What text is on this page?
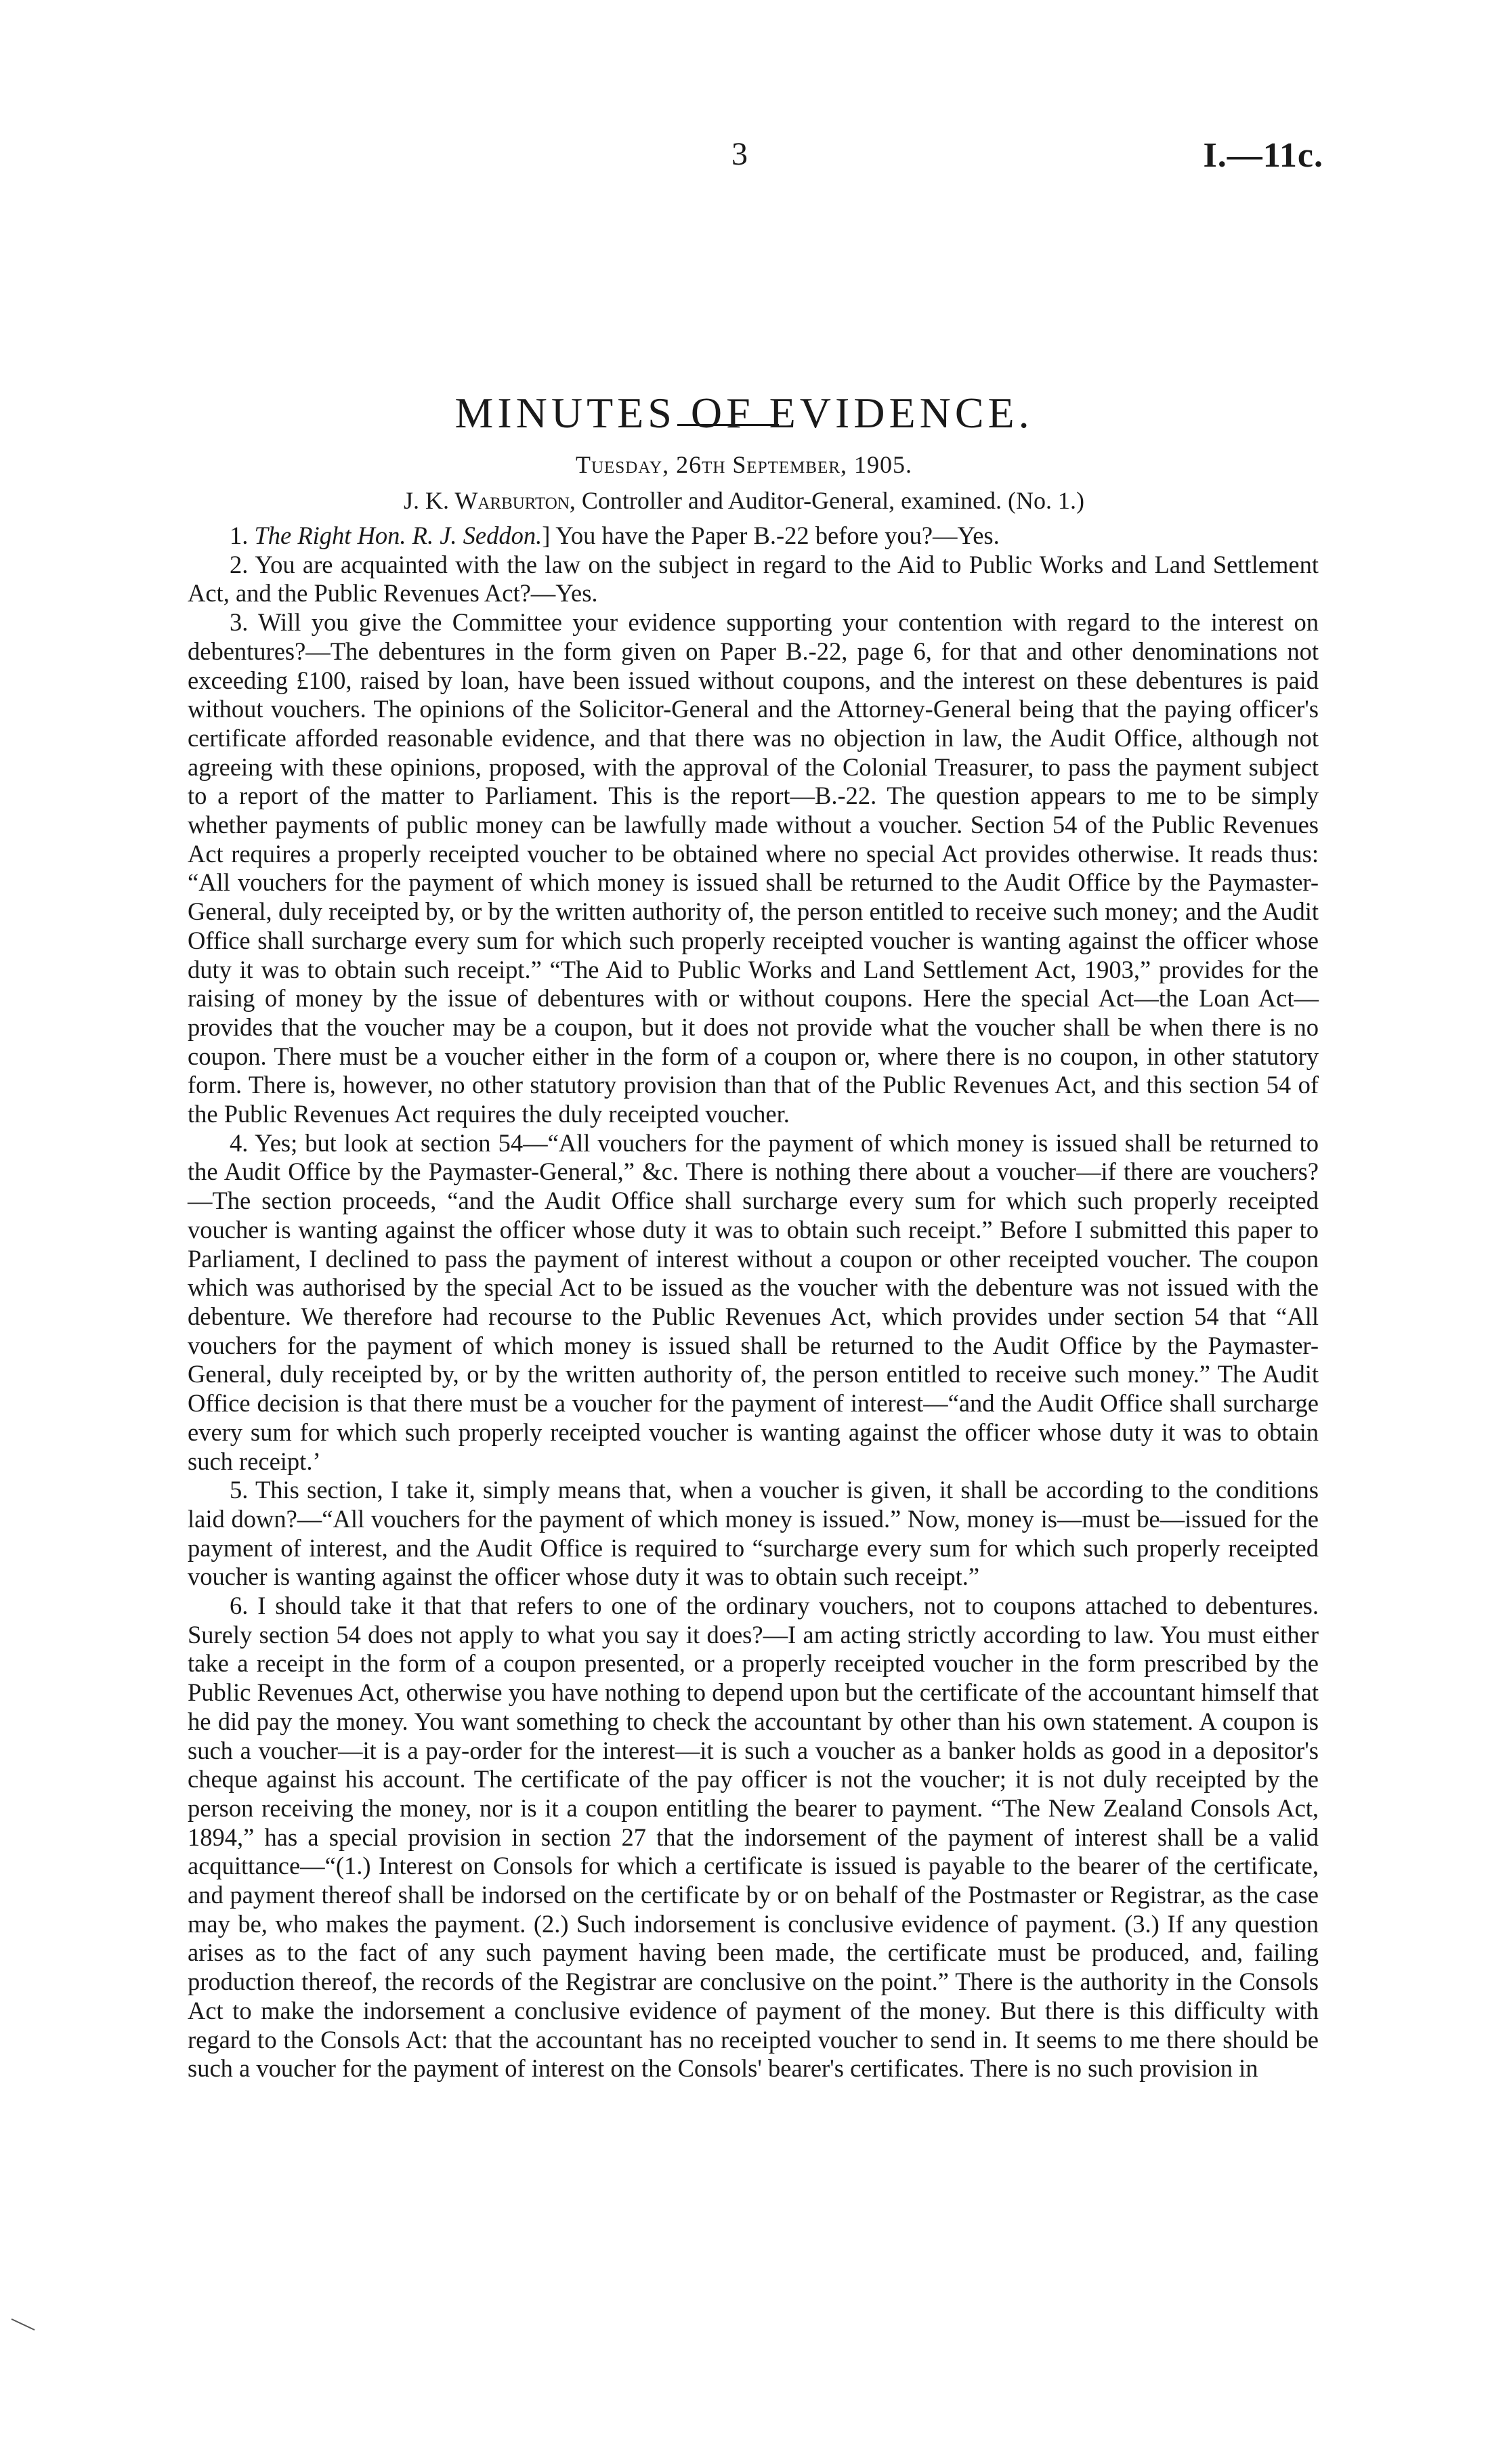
3	I.—11c.
MINUTES OF EVIDENCE.
Tuesday, 26th September, 1905.
J. K. Warburton, Controller and Auditor-General, examined. (No. 1.)

1. The Right Hon. R. J. Seddon.] You have the Paper B.-22 before you?—Yes.

2. You are acquainted with the law on the subject in regard to the Aid to Public Works and Land Settlement Act, and the Public Revenues Act?—Yes.

3. Will you give the Committee your evidence supporting your contention with regard to the interest on debentures?—The debentures in the form given on Paper B.-22, page 6, for that and other denominations not exceeding £100, raised by loan, have been issued without coupons, and the interest on these debentures is paid without vouchers. The opinions of the Solicitor-General and the Attorney-General being that the paying officer's certificate afforded reasonable evidence, and that there was no objection in law, the Audit Office, although not agreeing with these opinions, proposed, with the approval of the Colonial Treasurer, to pass the payment subject to a report of the matter to Parliament. This is the report—B.-22. The question appears to me to be simply whether payments of public money can be lawfully made without a voucher. Section 54 of the Public Revenues Act requires a properly receipted voucher to be obtained where no special Act provides otherwise. It reads thus: “All vouchers for the payment of which money is issued shall be returned to the Audit Office by the Paymaster-General, duly receipted by, or by the written authority of, the person entitled to receive such money; and the Audit Office shall surcharge every sum for which such properly receipted voucher is wanting against the officer whose duty it was to obtain such receipt.” “The Aid to Public Works and Land Settlement Act, 1903,” provides for the raising of money by the issue of debentures with or without coupons. Here the special Act—the Loan Act—provides that the voucher may be a coupon, but it does not provide what the voucher shall be when there is no coupon. There must be a voucher either in the form of a coupon or, where there is no coupon, in other statutory form. There is, however, no other statutory provision than that of the Public Revenues Act, and this section 54 of the Public Revenues Act requires the duly receipted voucher.

4. Yes; but look at section 54—“All vouchers for the payment of which money is issued shall be returned to the Audit Office by the Paymaster-General,” &c. There is nothing there about a voucher—if there are vouchers?—The section proceeds, “and the Audit Office shall surcharge every sum for which such properly receipted voucher is wanting against the officer whose duty it was to obtain such receipt.” Before I submitted this paper to Parliament, I declined to pass the payment of interest without a coupon or other receipted voucher. The coupon which was authorised by the special Act to be issued as the voucher with the debenture was not issued with the debenture. We therefore had recourse to the Public Revenues Act, which provides under section 54 that “All vouchers for the payment of which money is issued shall be returned to the Audit Office by the Paymaster-General, duly receipted by, or by the written authority of, the person entitled to receive such money.” The Audit Office decision is that there must be a voucher for the payment of interest—“and the Audit Office shall surcharge every sum for which such properly receipted voucher is wanting against the officer whose duty it was to obtain such receipt.’

5. This section, I take it, simply means that, when a voucher is given, it shall be according to the conditions laid down?—“All vouchers for the payment of which money is issued.” Now, money is—must be—issued for the payment of interest, and the Audit Office is required to “surcharge every sum for which such properly receipted voucher is wanting against the officer whose duty it was to obtain such receipt.”

6. I should take it that that refers to one of the ordinary vouchers, not to coupons attached to debentures. Surely section 54 does not apply to what you say it does?—I am acting strictly according to law. You must either take a receipt in the form of a coupon presented, or a properly receipted voucher in the form prescribed by the Public Revenues Act, otherwise you have nothing to depend upon but the certificate of the accountant himself that he did pay the money. You want something to check the accountant by other than his own statement. A coupon is such a voucher—it is a pay-order for the interest—it is such a voucher as a banker holds as good in a depositor's cheque against his account. The certificate of the pay officer is not the voucher; it is not duly receipted by the person receiving the money, nor is it a coupon entitling the bearer to payment. “The New Zealand Consols Act, 1894,” has a special provision in section 27 that the indorsement of the payment of interest shall be a valid acquittance—“(1.) Interest on Consols for which a certificate is issued is payable to the bearer of the certificate, and payment thereof shall be indorsed on the certificate by or on behalf of the Postmaster or Registrar, as the case may be, who makes the payment. (2.) Such indorsement is conclusive evidence of payment. (3.) If any question arises as to the fact of any such payment having been made, the certificate must be produced, and, failing production thereof, the records of the Registrar are conclusive on the point.” There is the authority in the Consols Act to make the indorsement a conclusive evidence of payment of the money. But there is this difficulty with regard to the Consols Act: that the accountant has no receipted voucher to send in. It seems to me there should be such a voucher for the payment of interest on the Consols' bearer's certificates. There is no such provision in
